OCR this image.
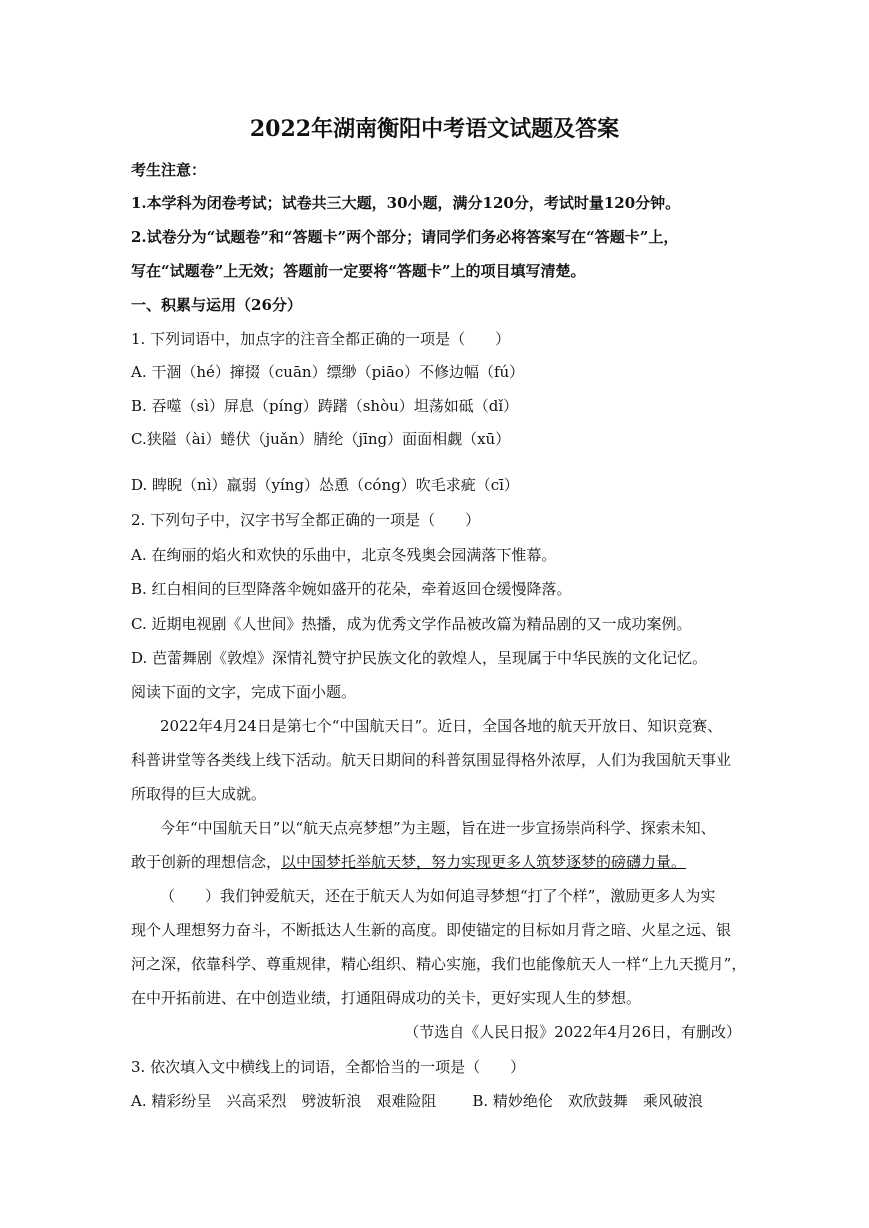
2022年湖南衡阳中考语文试题及答案
考生注意：
1.本学科为闭卷考试；试卷共三大题，30小题，满分120分，考试时量120分钟。
2.试卷分为“试题卷”和“答题卡”两个部分；请同学们务必将答案写在“答题卡”上，
写在“试题卷”上无效；答题前一定要将“答题卡”上的项目填写清楚。
一、积累与运用（26分）
1. 下列词语中，加点字的注音全都正确的一项是（　　）
A. 干涸（hé）撺掇（cuān）缥缈（piāo）不修边幅（fú）
B. 吞噬（sì）屏息（píng）踌躇（shòu）坦荡如砥（dǐ）
C.狭隘（ài）蜷伏（juǎn）腈纶（jīng）面面相觑（xū）
D. 睥睨（nì）羸弱（yíng）怂恿（cóng）吹毛求疵（cī）
2. 下列句子中，汉字书写全都正确的一项是（　　）
A. 在绚丽的焰火和欢快的乐曲中，北京冬残奥会园满落下惟幕。
B. 红白相间的巨型降落伞婉如盛开的花朵，牵着返回仓缓慢降落。
C. 近期电视剧《人世间》热播，成为优秀文学作品被改篇为精品剧的又一成功案例。
D. 芭蕾舞剧《敦煌》深情礼赞守护民族文化的敦煌人，呈现属于中华民族的文化记忆。
阅读下面的文字，完成下面小题。
2022年4月24日是第七个“中国航天日”。近日，全国各地的航天开放日、知识竞赛、
科普讲堂等各类线上线下活动。航天日期间的科普氛围显得格外浓厚，人们为我国航天事业
所取得的巨大成就。
今年“中国航天日”以“航天点亮梦想”为主题，旨在进一步宣扬崇尚科学、探索未知、
敢于创新的理想信念，以中国梦托举航天梦，努力实现更多人筑梦逐梦的磅礴力量。
（　　）我们钟爱航天，还在于航天人为如何追寻梦想“打了个样”，激励更多人为实
现个人理想努力奋斗，不断抵达人生新的高度。即使锚定的目标如月背之暗、火星之远、银
河之深，依靠科学、尊重规律，精心组织、精心实施，我们也能像航天人一样“上九天揽月”，
在中开拓前进、在中创造业绩，打通阻碍成功的关卡，更好实现人生的梦想。
（节选自《人民日报》2022年4月26日，有删改）
3. 依次填入文中横线上的词语，全都恰当的一项是（　　）
A. 精彩纷呈　兴高采烈　劈波斩浪　艰难险阻 B. 精妙绝伦　欢欣鼓舞　乘风破浪
